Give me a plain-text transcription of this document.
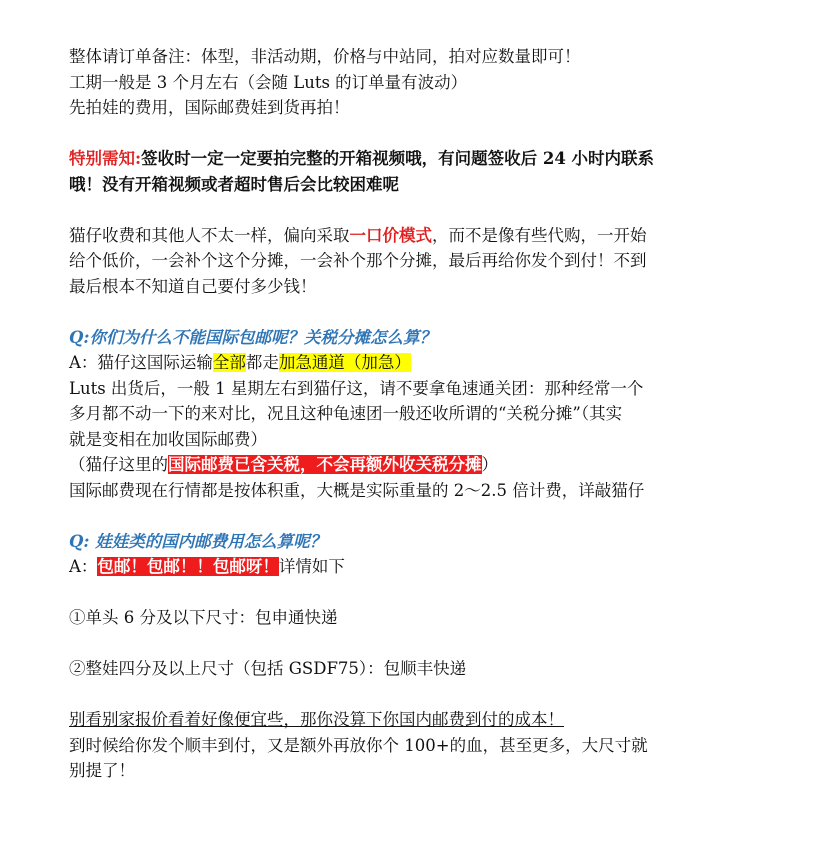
整体请订单备注：体型，非活动期，价格与中站同，拍对应数量即可！
工期一般是 3 个月左右（会随 Luts 的订单量有波动）
先拍娃的费用，国际邮费娃到货再拍！
特别需知:签收时一定一定要拍完整的开箱视频哦，有问题签收后 24 小时内联系
哦！没有开箱视频或者超时售后会比较困难呢
猫仔收费和其他人不太一样，偏向采取一口价模式，而不是像有些代购，一开始
给个低价，一会补个这个分摊，一会补个那个分摊，最后再给你发个到付！不到
最后根本不知道自己要付多少钱！
Q:你们为什么不能国际包邮呢？关税分摊怎么算？
A：猫仔这国际运输全部都走加急通道（加急）
Luts 出货后，一般 1 星期左右到猫仔这，请不要拿龟速通关团：那种经常一个
多月都不动一下的来对比，况且这种龟速团一般还收所谓的“关税分摊”（其实
就是变相在加收国际邮费）
（猫仔这里的国际邮费已含关税，不会再额外收关税分摊）
国际邮费现在行情都是按体积重，大概是实际重量的 2～2.5 倍计费，详敲猫仔
Q: 娃娃类的国内邮费用怎么算呢？
A：包邮！包邮！！包邮呀！详情如下
①单头 6 分及以下尺寸：包申通快递
②整娃四分及以上尺寸（包括 GSDF75）：包顺丰快递
别看别家报价看着好像便宜些，那你没算下你国内邮费到付的成本！
到时候给你发个顺丰到付，又是额外再放你个 100+的血，甚至更多，大尺寸就
别提了！
